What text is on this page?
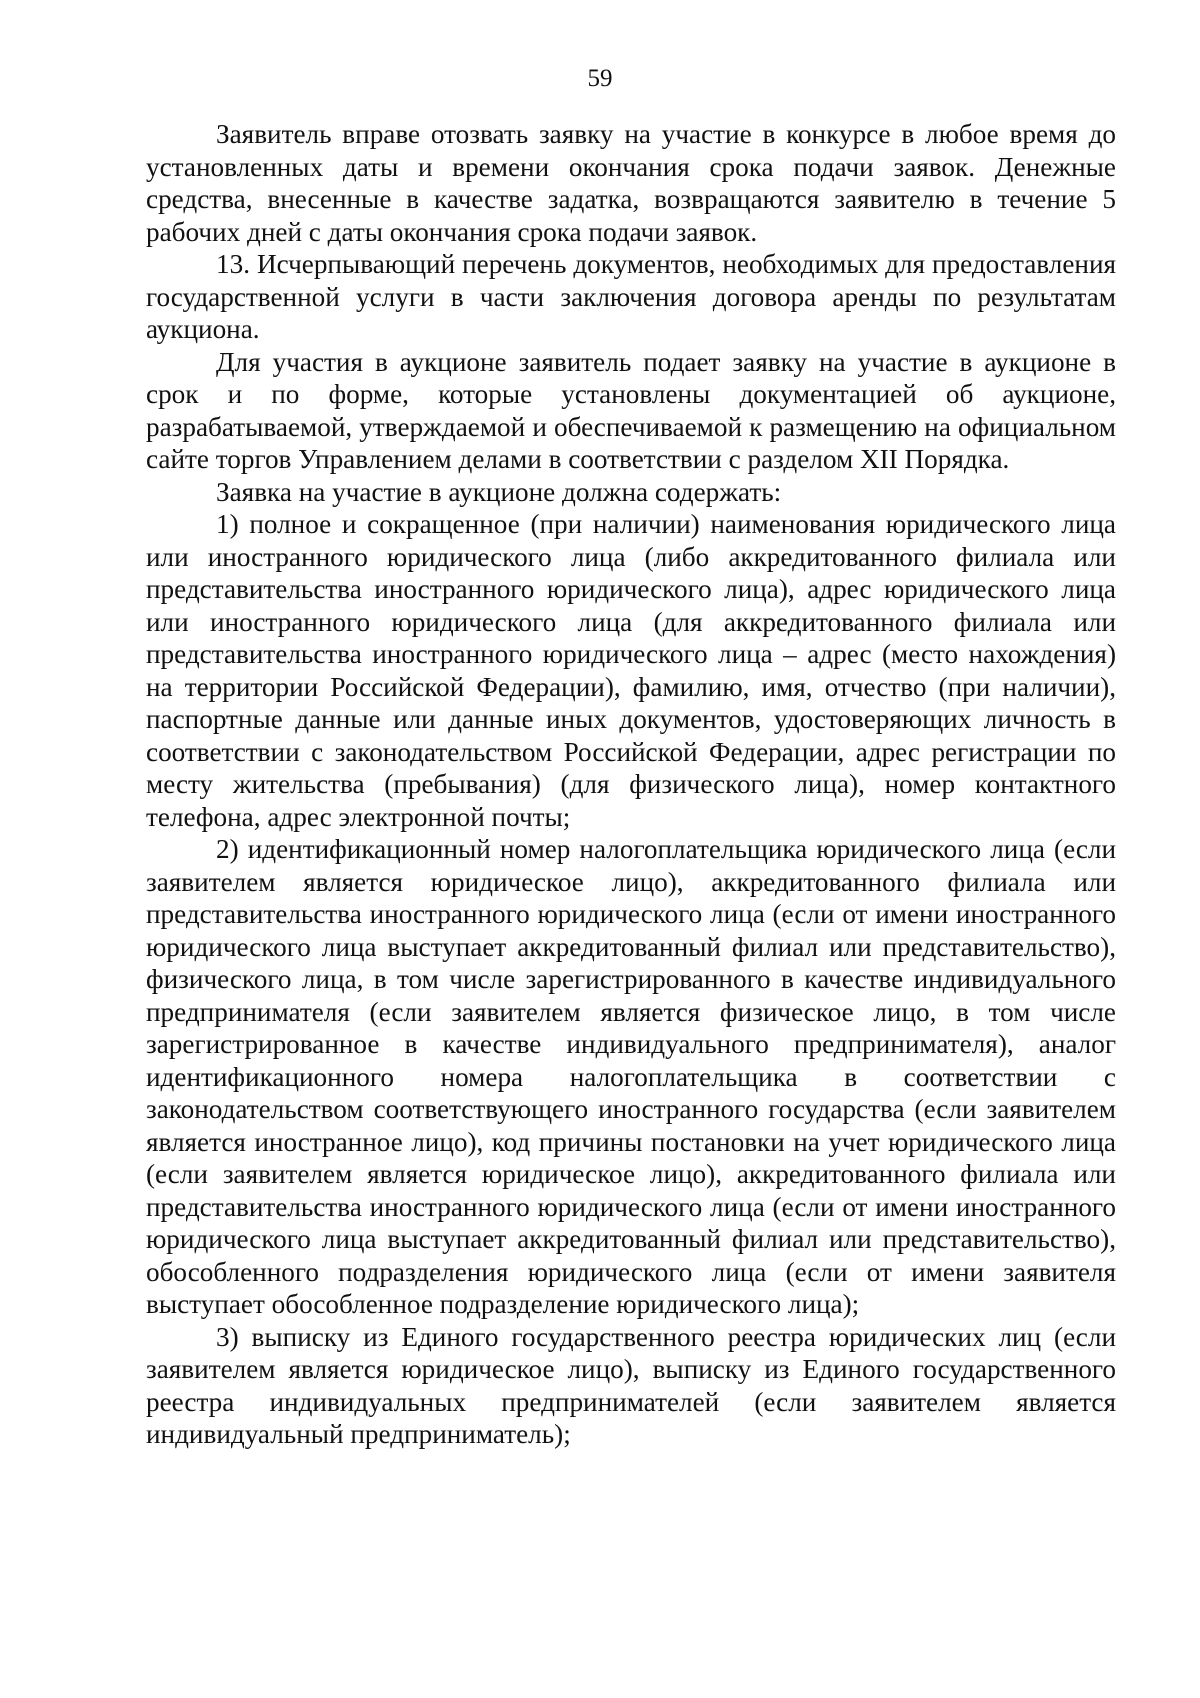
59

Заявитель вправе отозвать заявку на участие в конкурсе в любое время до установленных даты и времени окончания срока подачи заявок. Денежные средства, внесенные в качестве задатка, возвращаются заявителю в течение 5 рабочих дней с даты окончания срока подачи заявок.

13. Исчерпывающий перечень документов, необходимых для предоставления государственной услуги в части заключения договора аренды по результатам аукциона.

Для участия в аукционе заявитель подает заявку на участие в аукционе в срок и по форме, которые установлены документацией об аукционе, разрабатываемой, утверждаемой и обеспечиваемой к размещению на официальном сайте торгов Управлением делами в соответствии с разделом XII Порядка.

Заявка на участие в аукционе должна содержать:

1) полное и сокращенное (при наличии) наименования юридического лица или иностранного юридического лица (либо аккредитованного филиала или представительства иностранного юридического лица), адрес юридического лица или иностранного юридического лица (для аккредитованного филиала или представительства иностранного юридического лица – адрес (место нахождения) на территории Российской Федерации), фамилию, имя, отчество (при наличии), паспортные данные или данные иных документов, удостоверяющих личность в соответствии с законодательством Российской Федерации, адрес регистрации по месту жительства (пребывания) (для физического лица), номер контактного телефона, адрес электронной почты;

2) идентификационный номер налогоплательщика юридического лица (если заявителем является юридическое лицо), аккредитованного филиала или представительства иностранного юридического лица (если от имени иностранного юридического лица выступает аккредитованный филиал или представительство), физического лица, в том числе зарегистрированного в качестве индивидуального предпринимателя (если заявителем является физическое лицо, в том числе зарегистрированное в качестве индивидуального предпринимателя), аналог идентификационного номера налогоплательщика в соответствии с законодательством соответствующего иностранного государства (если заявителем является иностранное лицо), код причины постановки на учет юридического лица (если заявителем является юридическое лицо), аккредитованного филиала или представительства иностранного юридического лица (если от имени иностранного юридического лица выступает аккредитованный филиал или представительство), обособленного подразделения юридического лица (если от имени заявителя выступает обособленное подразделение юридического лица);

3) выписку из Единого государственного реестра юридических лиц (если заявителем является юридическое лицо), выписку из Единого государственного реестра индивидуальных предпринимателей (если заявителем является индивидуальный предприниматель);
